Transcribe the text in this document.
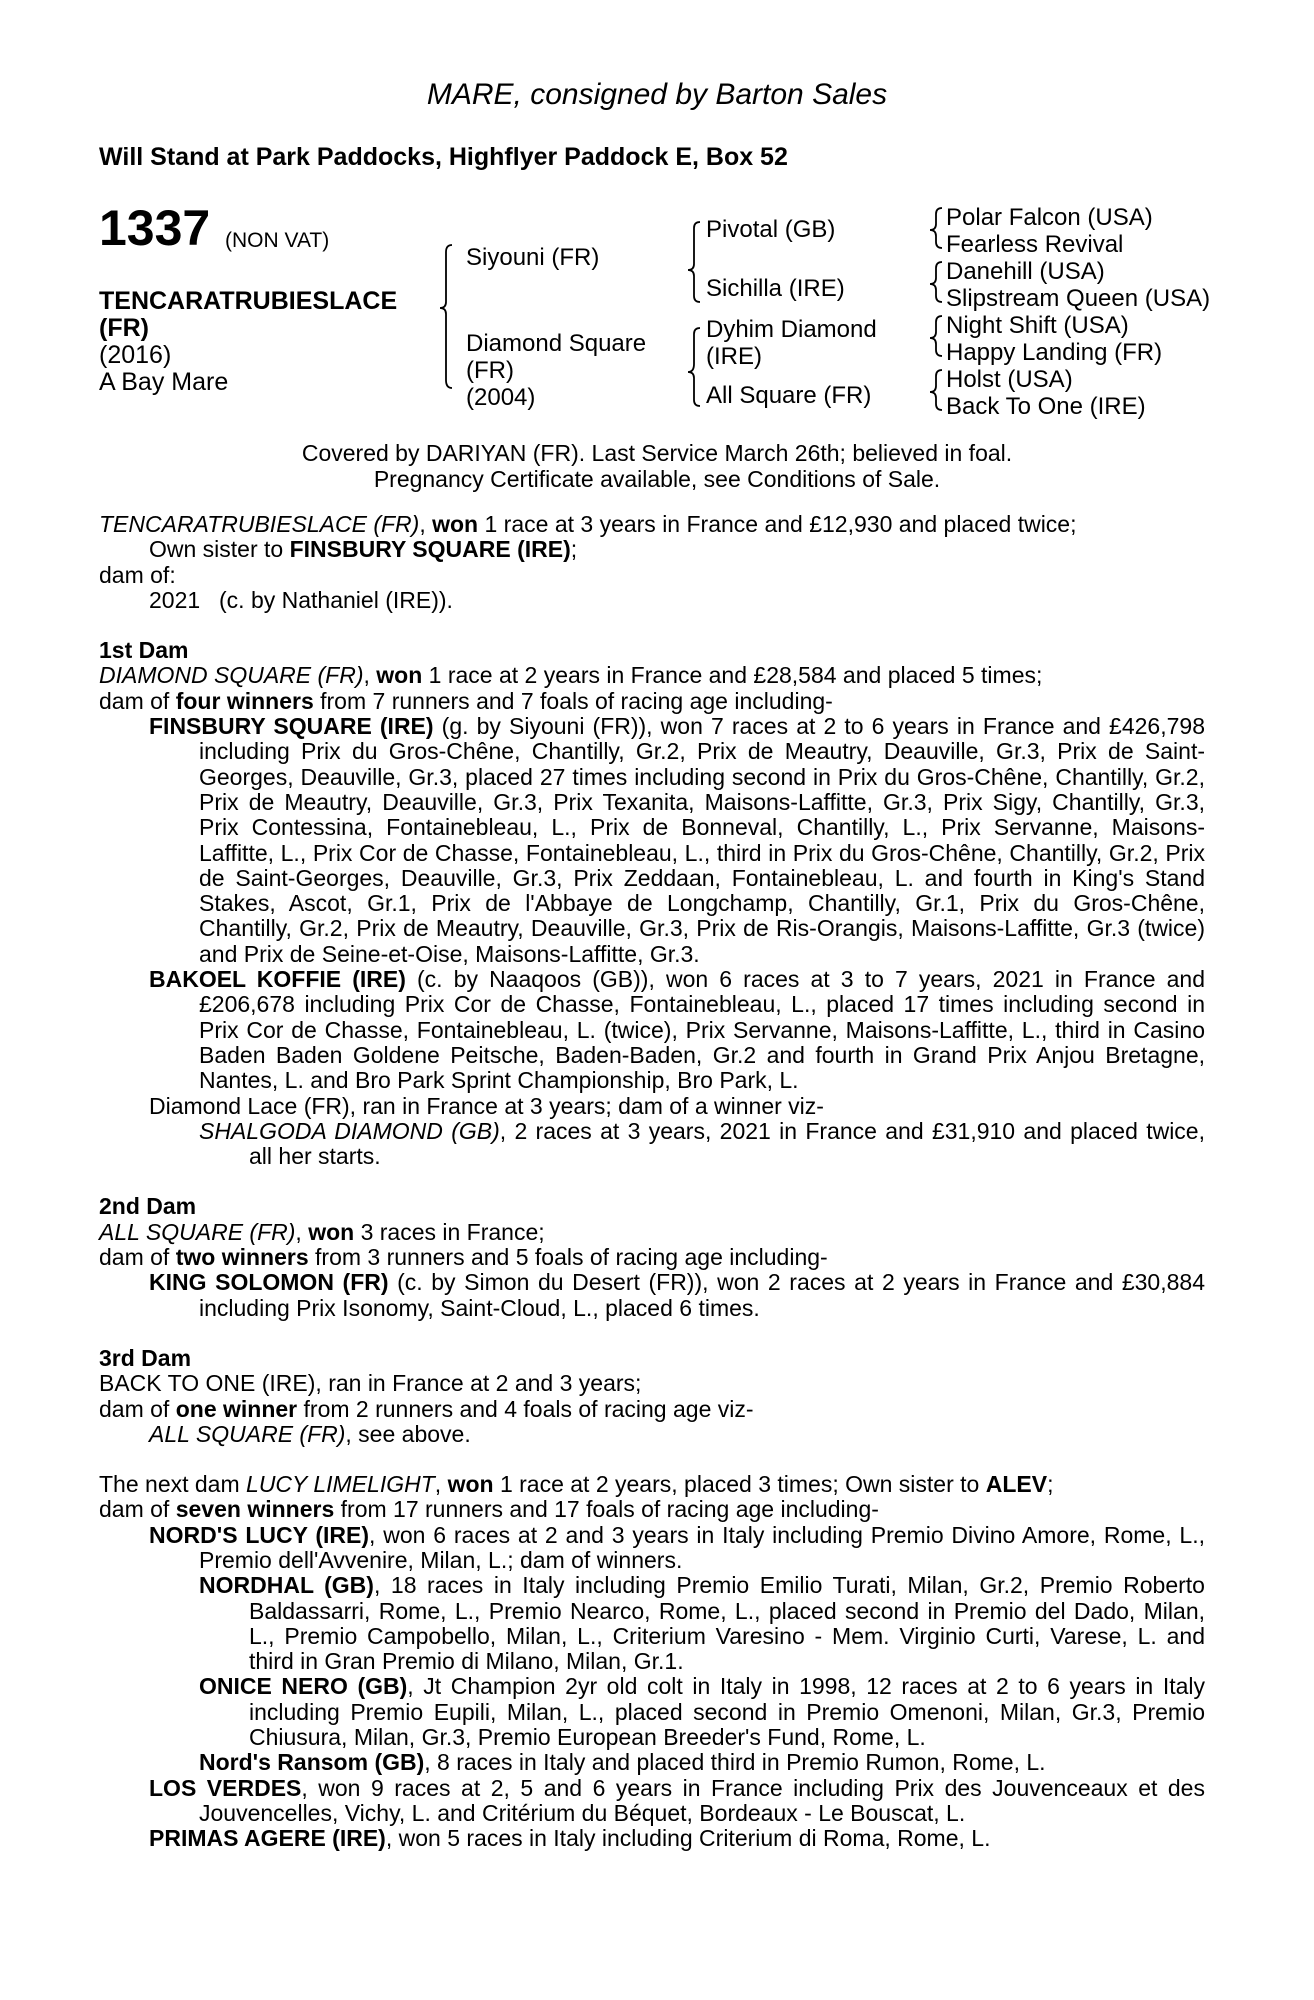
MARE, consigned by Barton Sales
Will Stand at Park Paddocks, Highflyer Paddock E, Box 52
1337 (NON VAT)
TENCARATRUBIESLACE
(FR)
(2016)
A Bay Mare
Siyouni (FR)
Diamond Square
(FR)
(2004)
Pivotal (GB)
Sichilla (IRE)
Dyhim Diamond
(IRE)
All Square (FR)
Polar Falcon (USA)
Fearless Revival
Danehill (USA)
Slipstream Queen (USA)
Night Shift (USA)
Happy Landing (FR)
Holst (USA)
Back To One (IRE)
Covered by DARIYAN (FR). Last Service March 26th; believed in foal.
Pregnancy Certificate available, see Conditions of Sale.

TENCARATRUBIESLACE (FR), won 1 race at 3 years in France and £12,930 and placed twice;

Own sister to FINSBURY SQUARE (IRE);

dam of:

2021 (c. by Nathaniel (IRE)).

1st Dam

DIAMOND SQUARE (FR), won 1 race at 2 years in France and £28,584 and placed 5 times;

dam of four winners from 7 runners and 7 foals of racing age including-

FINSBURY SQUARE (IRE) (g. by Siyouni (FR)), won 7 races at 2 to 6 years in France and £426,798 including Prix du Gros-Chêne, Chantilly, Gr.2, Prix de Meautry, Deauville, Gr.3, Prix de Saint-Georges, Deauville, Gr.3, placed 27 times including second in Prix du Gros-Chêne, Chantilly, Gr.2, Prix de Meautry, Deauville, Gr.3, Prix Texanita, Maisons-Laffitte, Gr.3, Prix Sigy, Chantilly, Gr.3, Prix Contessina, Fontainebleau, L., Prix de Bonneval, Chantilly, L., Prix Servanne, Maisons-Laffitte, L., Prix Cor de Chasse, Fontainebleau, L., third in Prix du Gros-Chêne, Chantilly, Gr.2, Prix de Saint-Georges, Deauville, Gr.3, Prix Zeddaan, Fontainebleau, L. and fourth in King's Stand Stakes, Ascot, Gr.1, Prix de l'Abbaye de Longchamp, Chantilly, Gr.1, Prix du Gros-Chêne, Chantilly, Gr.2, Prix de Meautry, Deauville, Gr.3, Prix de Ris-Orangis, Maisons-Laffitte, Gr.3 (twice) and Prix de Seine-et-Oise, Maisons-Laffitte, Gr.3.

BAKOEL KOFFIE (IRE) (c. by Naaqoos (GB)), won 6 races at 3 to 7 years, 2021 in France and £206,678 including Prix Cor de Chasse, Fontainebleau, L., placed 17 times including second in Prix Cor de Chasse, Fontainebleau, L. (twice), Prix Servanne, Maisons-Laffitte, L., third in Casino Baden Baden Goldene Peitsche, Baden-Baden, Gr.2 and fourth in Grand Prix Anjou Bretagne, Nantes, L. and Bro Park Sprint Championship, Bro Park, L.

Diamond Lace (FR), ran in France at 3 years; dam of a winner viz-

SHALGODA DIAMOND (GB), 2 races at 3 years, 2021 in France and £31,910 and placed twice, all her starts.

2nd Dam

ALL SQUARE (FR), won 3 races in France;

dam of two winners from 3 runners and 5 foals of racing age including-

KING SOLOMON (FR) (c. by Simon du Desert (FR)), won 2 races at 2 years in France and £30,884 including Prix Isonomy, Saint-Cloud, L., placed 6 times.

3rd Dam

BACK TO ONE (IRE), ran in France at 2 and 3 years;

dam of one winner from 2 runners and 4 foals of racing age viz-

ALL SQUARE (FR), see above.

The next dam LUCY LIMELIGHT, won 1 race at 2 years, placed 3 times; Own sister to ALEV;

dam of seven winners from 17 runners and 17 foals of racing age including-

NORD'S LUCY (IRE), won 6 races at 2 and 3 years in Italy including Premio Divino Amore, Rome, L., Premio dell'Avvenire, Milan, L.; dam of winners.

NORDHAL (GB), 18 races in Italy including Premio Emilio Turati, Milan, Gr.2, Premio Roberto Baldassarri, Rome, L., Premio Nearco, Rome, L., placed second in Premio del Dado, Milan, L., Premio Campobello, Milan, L., Criterium Varesino - Mem. Virginio Curti, Varese, L. and third in Gran Premio di Milano, Milan, Gr.1.

ONICE NERO (GB), Jt Champion 2yr old colt in Italy in 1998, 12 races at 2 to 6 years in Italy including Premio Eupili, Milan, L., placed second in Premio Omenoni, Milan, Gr.3, Premio Chiusura, Milan, Gr.3, Premio European Breeder's Fund, Rome, L.

Nord's Ransom (GB), 8 races in Italy and placed third in Premio Rumon, Rome, L.

LOS VERDES, won 9 races at 2, 5 and 6 years in France including Prix des Jouvenceaux et des Jouvencelles, Vichy, L. and Critérium du Béquet, Bordeaux - Le Bouscat, L.

PRIMAS AGERE (IRE), won 5 races in Italy including Criterium di Roma, Rome, L.
